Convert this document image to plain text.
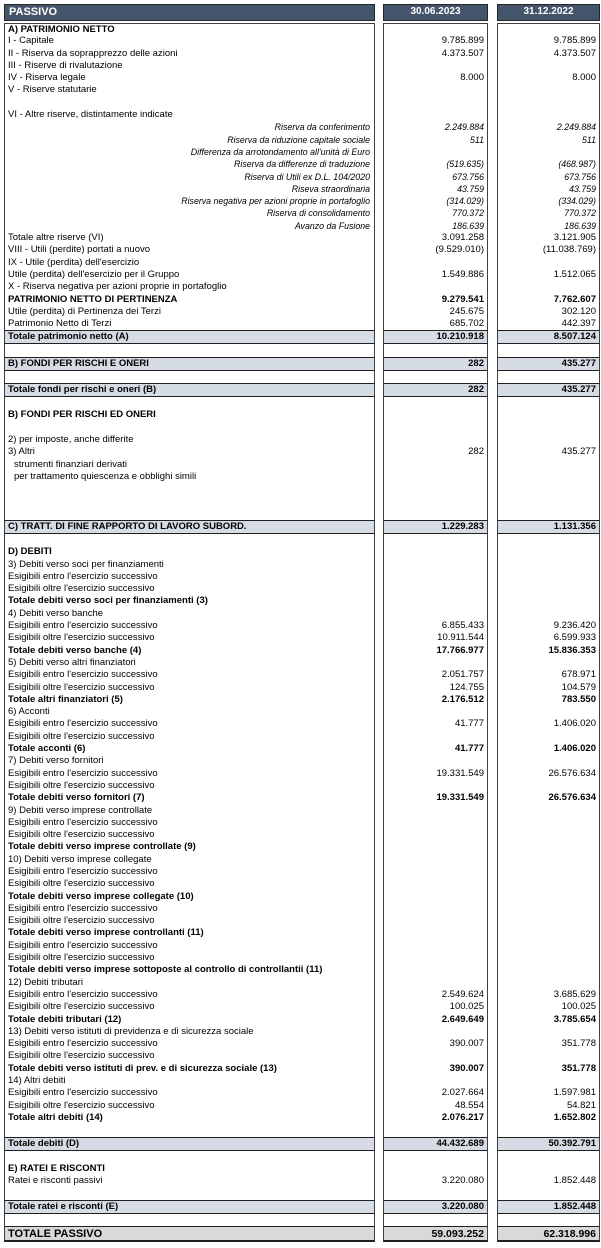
PASSIVO	30.06.2023	31.12.2022
A) PATRIMONIO NETTO
I - Capitale	9.785.899	9.785.899
II - Riserva da soprapprezzo delle azioni	4.373.507	4.373.507
III - Riserve di rivalutazione
IV - Riserva legale	8.000	8.000
V - Riserve statutarie
VI - Altre riserve, distintamente indicate
Riserva da conferimento	2.249.884	2.249.884
Riserva da riduzione capitale sociale	511	511
Differenza da arrotondamento all'unità di Euro
Riserva da differenze di traduzione	(519.635)	(468.987)
Riserva di Utili ex D.L. 104/2020	673.756	673.756
Riseva straordinaria	43.759	43.759
Riserva negativa per azioni proprie in portafoglio	(314.029)	(334.029)
Riserva di consolidamento	770.372	770.372
Avanzo da Fusione	186.639	186.639
Totale altre riserve (VI)	3.091.258	3.121.905
VIII - Utili (perdite) portati a nuovo	(9.529.010)	(11.038.769)
IX - Utile (perdita) dell'esercizio
Utile (perdita) dell'esercizio per il Gruppo	1.549.886	1.512.065
X - Riserva negativa per azioni proprie in portafoglio
PATRIMONIO NETTO DI PERTINENZA	9.279.541	7.762.607
Utile (perdita) di Pertinenza dei Terzi	245.675	302.120
Patrimonio Netto di Terzi	685.702	442.397
Totale patrimonio netto (A)	10.210.918	8.507.124
B) FONDI PER RISCHI E ONERI	282	435.277
Totale fondi per rischi e oneri (B)	282	435.277
B) FONDI PER RISCHI ED ONERI
2) per imposte, anche differite
3) Altri	282	435.277
strumenti finanziari derivati
per trattamento quiescenza e obblighi simili
C) TRATT. DI FINE RAPPORTO DI LAVORO SUBORD.	1.229.283	1.131.356
D) DEBITI
3) Debiti verso soci per finanziamenti
Esigibili entro l'esercizio successivo
Esigibili oltre l'esercizio successivo
Totale debiti verso soci per finanziamenti (3)
4) Debiti verso banche
Esigibili entro l'esercizio successivo	6.855.433	9.236.420
Esigibili oltre l'esercizio successivo	10.911.544	6.599.933
Totale debiti verso banche (4)	17.766.977	15.836.353
5) Debiti verso altri finanziatori
Esigibili entro l'esercizio successivo	2.051.757	678.971
Esigibili oltre l'esercizio successivo	124.755	104.579
Totale altri finanziatori (5)	2.176.512	783.550
6) Acconti
Esigibili entro l'esercizio successivo	41.777	1.406.020
Esigibili oltre l'esercizio successivo
Totale acconti (6)	41.777	1.406.020
7) Debiti verso fornitori
Esigibili entro l'esercizio successivo	19.331.549	26.576.634
Esigibili oltre l'esercizio successivo
Totale debiti verso fornitori (7)	19.331.549	26.576.634
9) Debiti verso imprese controllate
Esigibili entro l'esercizio successivo
Esigibili oltre l'esercizio successivo
Totale debiti verso imprese controllate (9)
10) Debiti verso imprese collegate
Esigibili entro l'esercizio successivo
Esigibili oltre l'esercizio successivo
Totale debiti verso imprese collegate (10)
Esigibili entro l'esercizio successivo
Esigibili oltre l'esercizio successivo
Totale debiti verso imprese controllanti (11)
Esigibili entro l'esercizio successivo
Esigibili oltre l'esercizio successivo
Totale debiti verso imprese sottoposte al controllo di controllantii (11)
12) Debiti tributari
Esigibili entro l'esercizio successivo	2.549.624	3.685.629
Esigibili oltre l'esercizio successivo	100.025	100.025
Totale debiti tributari (12)	2.649.649	3.785.654
13) Debiti verso istituti di previdenza e di sicurezza sociale
Esigibili entro l'esercizio successivo	390.007	351.778
Esigibili oltre l'esercizio successivo
Totale debiti verso istituti di prev. e di sicurezza sociale (13)	390.007	351.778
14) Altri debiti
Esigibili entro l'esercizio successivo	2.027.664	1.597.981
Esigibili oltre l'esercizio successivo	48.554	54.821
Totale altri debiti (14)	2.076.217	1.652.802
Totale debiti (D)	44.432.689	50.392.791
E) RATEI E RISCONTI
Ratei e risconti passivi	3.220.080	1.852.448
Totale ratei e risconti (E)	3.220.080	1.852.448
TOTALE PASSIVO	59.093.252	62.318.996
